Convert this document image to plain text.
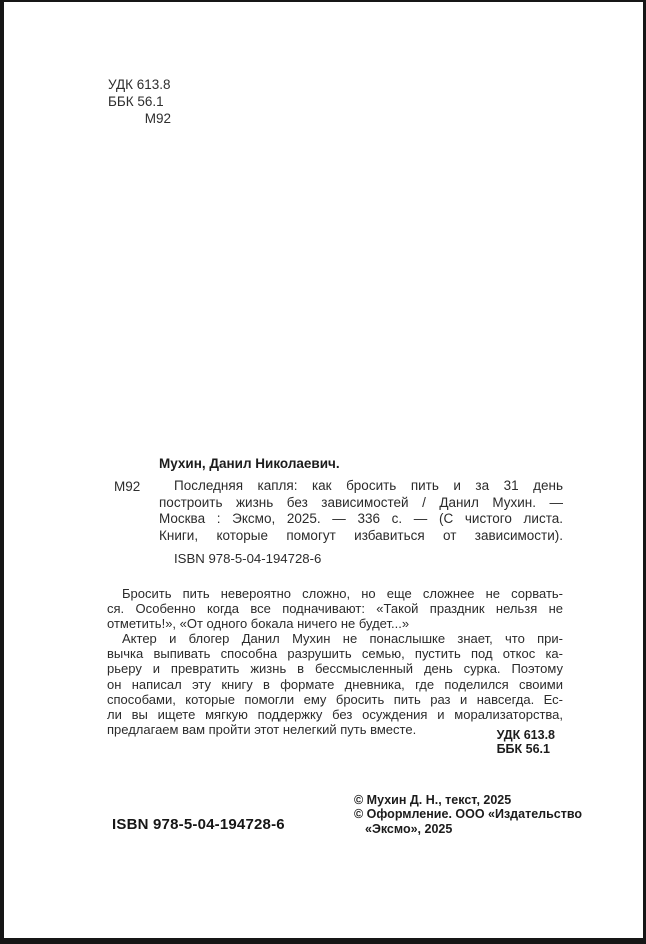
УДК 613.8
ББК 56.1
М92
Мухин, Данил Николаевич.
М92	Последняя капля: как бросить пить и за 31 день
построить жизнь без зависимостей / Данил Мухин. —
Москва : Эксмо, 2025. — 336 с. — (С чистого листа.
Книги, которые помогут избавиться от зависимости).
ISBN 978-5-04-194728-6
Бросить пить невероятно сложно, но еще сложнее не сорвать-
ся. Особенно когда все подначивают: «Такой праздник нельзя не
отметить!», «От одного бокала ничего не будет...»
Актер и блогер Данил Мухин не понаслышке знает, что при-
вычка выпивать способна разрушить семью, пустить под откос ка-
рьеру и превратить жизнь в бессмысленный день сурка. Поэтому
он написал эту книгу в формате дневника, где поделился своими
способами, которые помогли ему бросить пить раз и навсегда. Ес-
ли вы ищете мягкую поддержку без осуждения и морализаторства,
предлагаем вам пройти этот нелегкий путь вместе.	УДК 613.8
ББК 56.1
ISBN 978-5-04-194728-6
© Мухин Д. Н., текст, 2025
© Оформление. ООО «Издательство
«Эксмо», 2025
